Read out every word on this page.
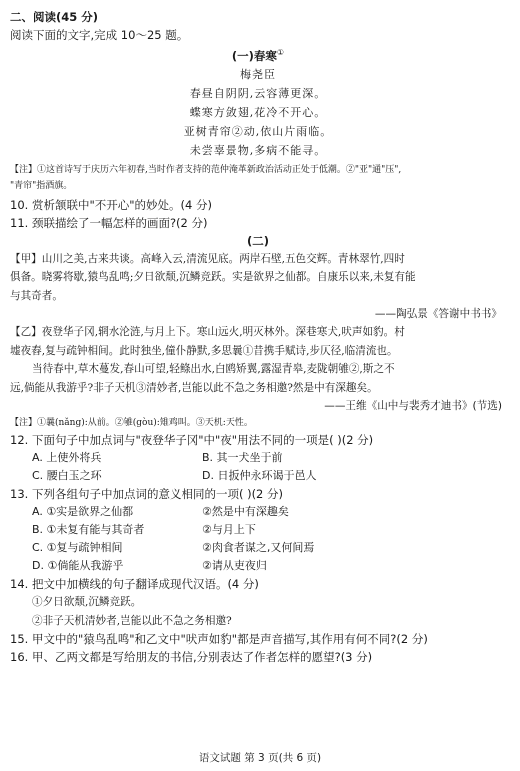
二、阅读(45 分)
阅读下面的文字,完成 10～25 题。
(一)春寒①
梅尧臣
春昼自阴阴,云容薄更深。
蝶寒方敛翅,花冷不开心。
亚树青帘②动,依山片雨临。
未尝辜景物,多病不能寻。
【注】①这首诗写于庆历六年初春,当时作者支持的范仲淹革新政治活动正处于低潮。②"亚"通"压",
"青帘"指酒旗。
10. 赏析颔联中"不开心"的妙处。(4 分)
11. 颈联描绘了一幅怎样的画面?(2 分)
(二)
【甲】山川之美,古来共谈。高峰入云,清流见底。两岸石壁,五色交辉。青林翠竹,四时
俱备。晓雾将歇,猿鸟乱鸣;夕日欲颓,沉鳞竞跃。实是欲界之仙都。自康乐以来,未复有能
与其奇者。
——陶弘景《答谢中书书》
【乙】夜登华子冈,辋水沦涟,与月上下。寒山远火,明灭林外。深巷寒犬,吠声如豹。村
墟夜舂,复与疏钟相间。此时独坐,僮仆静默,多思曩①昔携手赋诗,步仄径,临清流也。
当待春中,草木蔓发,春山可望,轻鲦出水,白鸥矫翼,露湿青皋,麦陇朝雊②,斯之不
远,倘能从我游乎?非子天机③清妙者,岂能以此不急之务相邀?然是中有深趣矣。
——王维《山中与裴秀才迪书》(节选)
【注】①曩(nǎng):从前。②雊(gòu):雉鸡叫。③天机:天性。
12. 下面句子中加点词与"夜登华子冈"中"夜"用法不同的一项是( )(2 分)
A. 上使外将兵	B. 其一犬坐于前
C. 腰白玉之环	D. 日扳仲永环谒于邑人
13. 下列各组句子中加点词的意义相同的一项( )(2 分)
A. ①实是欲界之仙都	②然是中有深趣矣
B. ①未复有能与其奇者	②与月上下
C. ①复与疏钟相间	②肉食者谋之,又何间焉
D. ①倘能从我游乎	②请从吏夜归
14. 把文中加横线的句子翻译成现代汉语。(4 分)
①夕日欲颓,沉鳞竞跃。
②非子天机清妙者,岂能以此不急之务相邀?
15. 甲文中的"猿鸟乱鸣"和乙文中"吠声如豹"都是声音描写,其作用有何不同?(2 分)
16. 甲、乙两文都是写给朋友的书信,分别表达了作者怎样的愿望?(3 分)
语文试题 第 3 页(共 6 页)
